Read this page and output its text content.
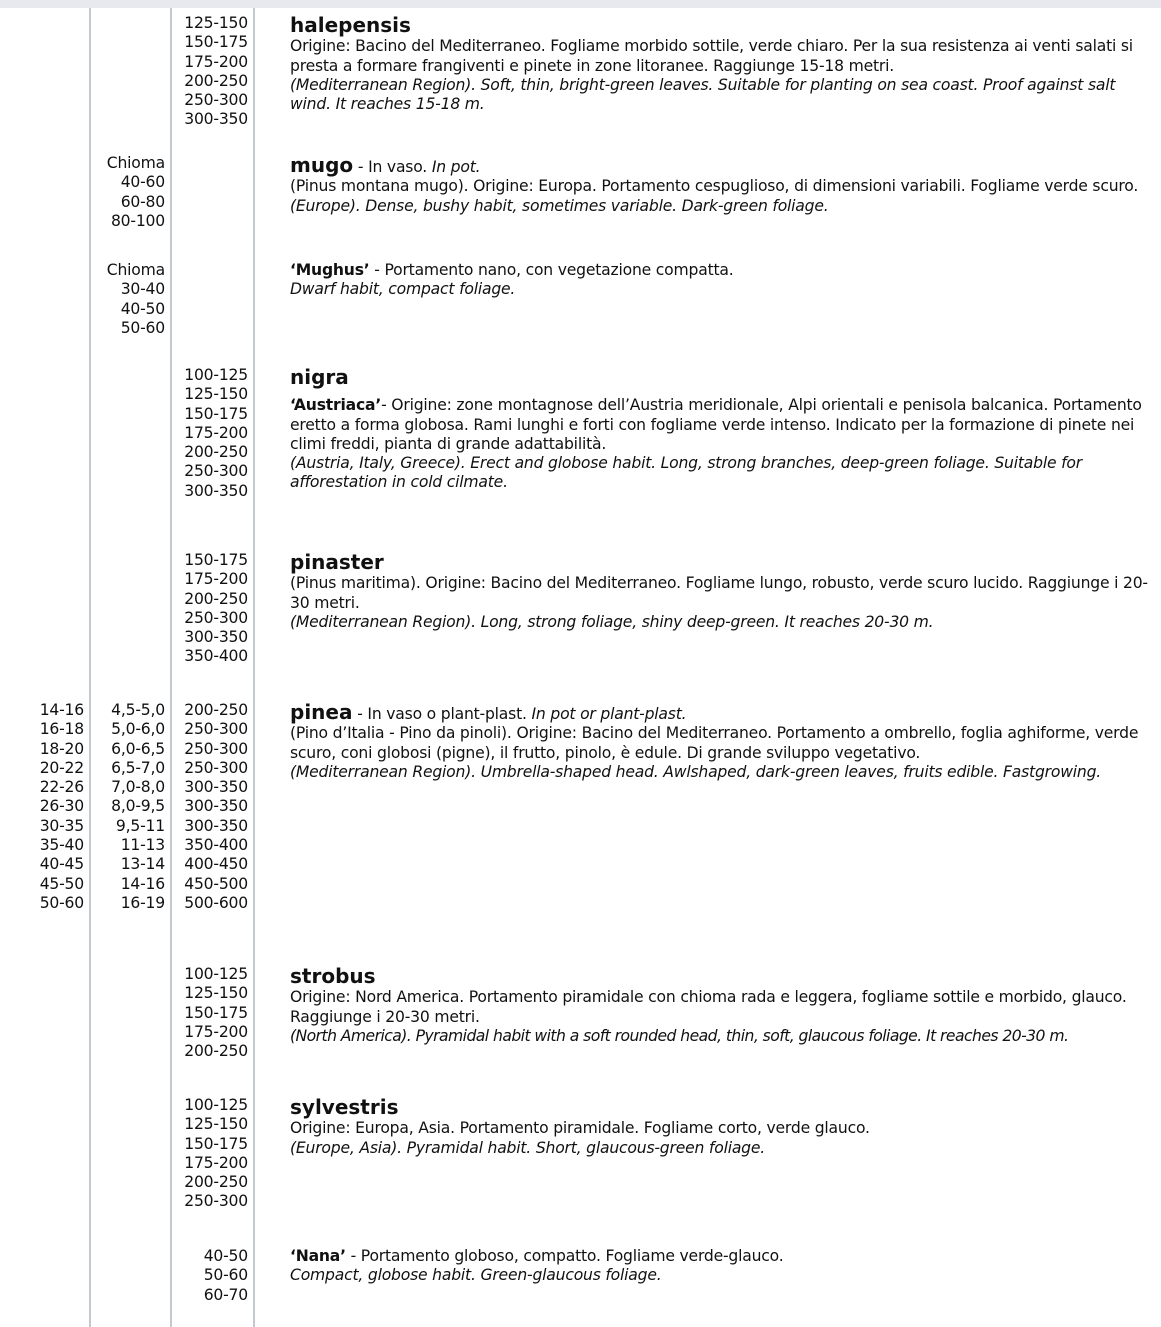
125-150
150-175
175-200
200-250
250-300
300-350

halepensis

Origine: Bacino del Mediterraneo. Fogliame morbido sottile, verde chiaro. Per la sua resistenza ai venti salati si presta a formare frangiventi e pinete in zone litoranee. Raggiunge 15-18 metri.

(Mediterranean Region). Soft, thin, bright-green leaves. Suitable for planting on sea coast. Proof against salt wind. It reaches 15-18 m.

Chioma
40-60
60-80
80-100

mugo - In vaso. In pot.

(Pinus montana mugo). Origine: Europa. Portamento cespuglioso, di dimensioni variabili. Fogliame verde scuro.

(Europe). Dense, bushy habit, sometimes variable. Dark-green foliage.

Chioma
30-40
40-50
50-60

‘Mughus’ - Portamento nano, con vegetazione compatta.

Dwarf habit, compact foliage.

100-125
125-150
150-175
175-200
200-250
250-300
300-350

nigra

‘Austriaca’- Origine: zone montagnose dell’Austria meridionale, Alpi orientali e penisola balcanica. Portamento eretto a forma globosa. Rami lunghi e forti con fogliame verde intenso. Indicato per la formazione di pinete nei climi freddi, pianta di grande adattabilità.

(Austria, Italy, Greece). Erect and globose habit. Long, strong branches, deep-green foliage. Suitable for afforestation in cold cilmate.

150-175
175-200
200-250
250-300
300-350
350-400

pinaster

(Pinus maritima). Origine: Bacino del Mediterraneo. Fogliame lungo, robusto, verde scuro lucido. Raggiunge i 20-30 metri.

(Mediterranean Region). Long, strong foliage, shiny deep-green. It reaches 20-30 m.

14-16
16-18
18-20
20-22
22-26
26-30
30-35
35-40
40-45
45-50
50-60
4,5-5,0
5,0-6,0
6,0-6,5
6,5-7,0
7,0-8,0
8,0-9,5
9,5-11
11-13
13-14
14-16
16-19
200-250
250-300
250-300
250-300
300-350
300-350
300-350
350-400
400-450
450-500
500-600

pinea - In vaso o plant-plast. In pot or plant-plast.

(Pino d’Italia - Pino da pinoli). Origine: Bacino del Mediterraneo. Portamento a ombrello, foglia aghiforme, verde scuro, coni globosi (pigne), il frutto, pinolo, è edule. Di grande sviluppo vegetativo.

(Mediterranean Region). Umbrella-shaped head. Awlshaped, dark-green leaves, fruits edible. Fastgrowing.

100-125
125-150
150-175
175-200
200-250

strobus

Origine: Nord America. Portamento piramidale con chioma rada e leggera, fogliame sottile e morbido, glauco. Raggiunge i 20-30 metri.

(North America). Pyramidal habit with a soft rounded head, thin, soft, glaucous foliage. It reaches 20-30 m.

100-125
125-150
150-175
175-200
200-250
250-300

sylvestris

Origine: Europa, Asia. Portamento piramidale. Fogliame corto, verde glauco.

(Europe, Asia). Pyramidal habit. Short, glaucous-green foliage.

40-50
50-60
60-70

‘Nana’ - Portamento globoso, compatto. Fogliame verde-glauco.

Compact, globose habit. Green-glaucous foliage.
